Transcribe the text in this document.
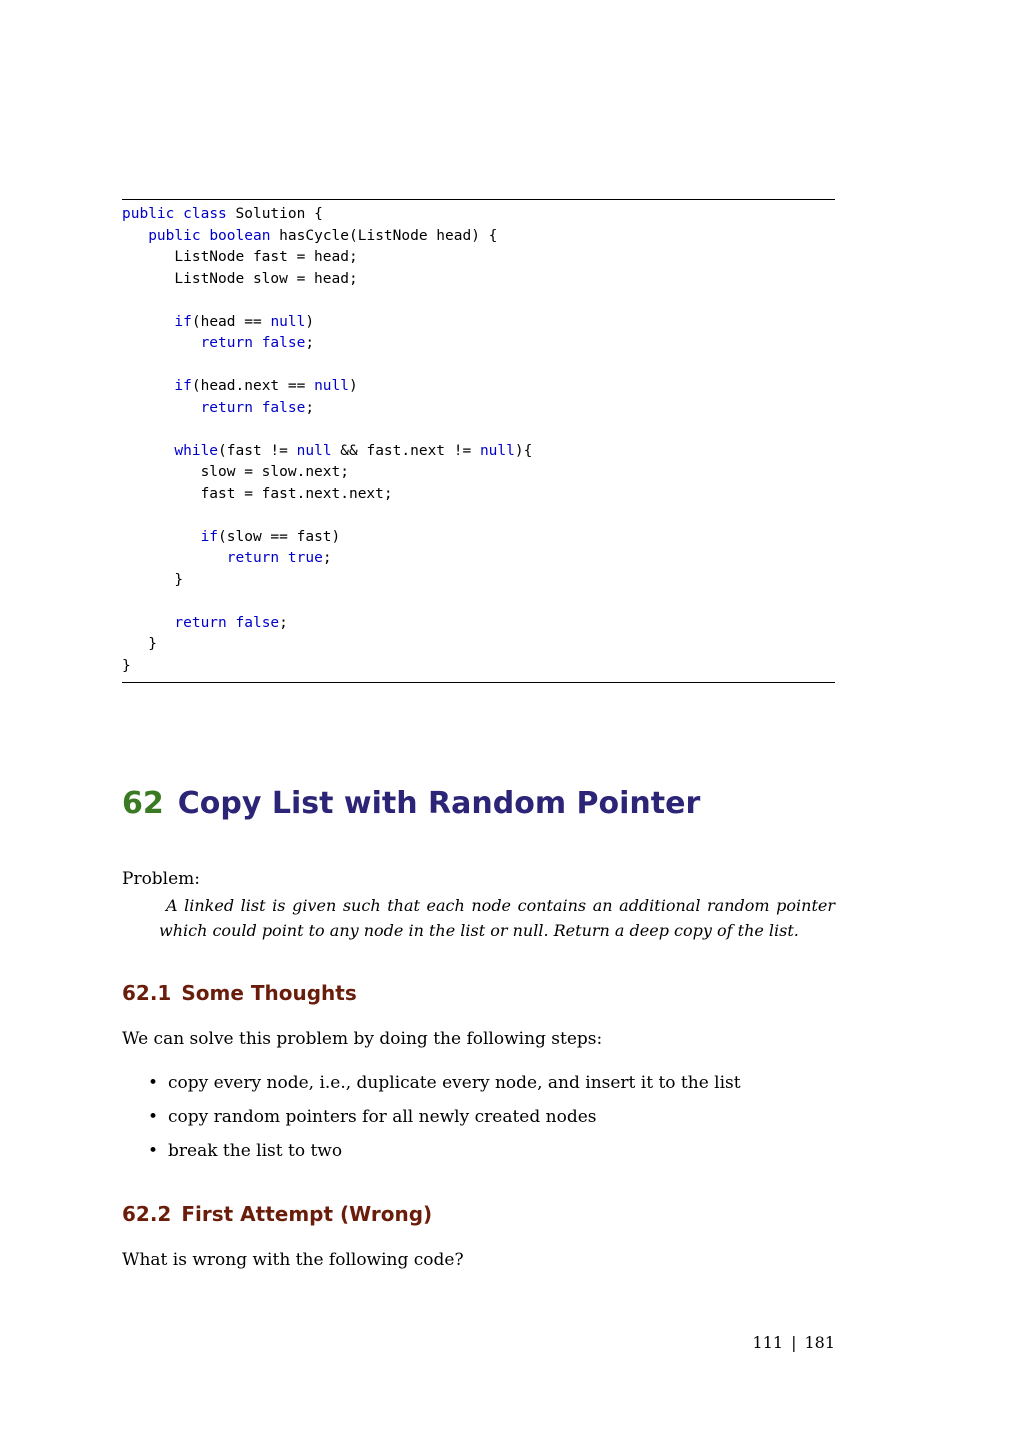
public class Solution {
public boolean hasCycle(ListNode head) {
ListNode fast = head;
ListNode slow = head;
if(head == null)
return false;
if(head.next == null)
return false;
while(fast != null && fast.next != null){
slow = slow.next;
fast = fast.next.next;
if(slow == fast)
return true;
}
return false;
}
}
62 Copy List with Random Pointer
Problem:

A linked list is given such that each node contains an additional random pointer which could point to any node in the list or null. Return a deep copy of the list.

62.1 Some Thoughts
We can solve this problem by doing the following steps:
• copy every node, i.e., duplicate every node, and insert it to the list
• copy random pointers for all newly created nodes
• break the list to two
62.2 First Attempt (Wrong)
What is wrong with the following code?
111 | 181
